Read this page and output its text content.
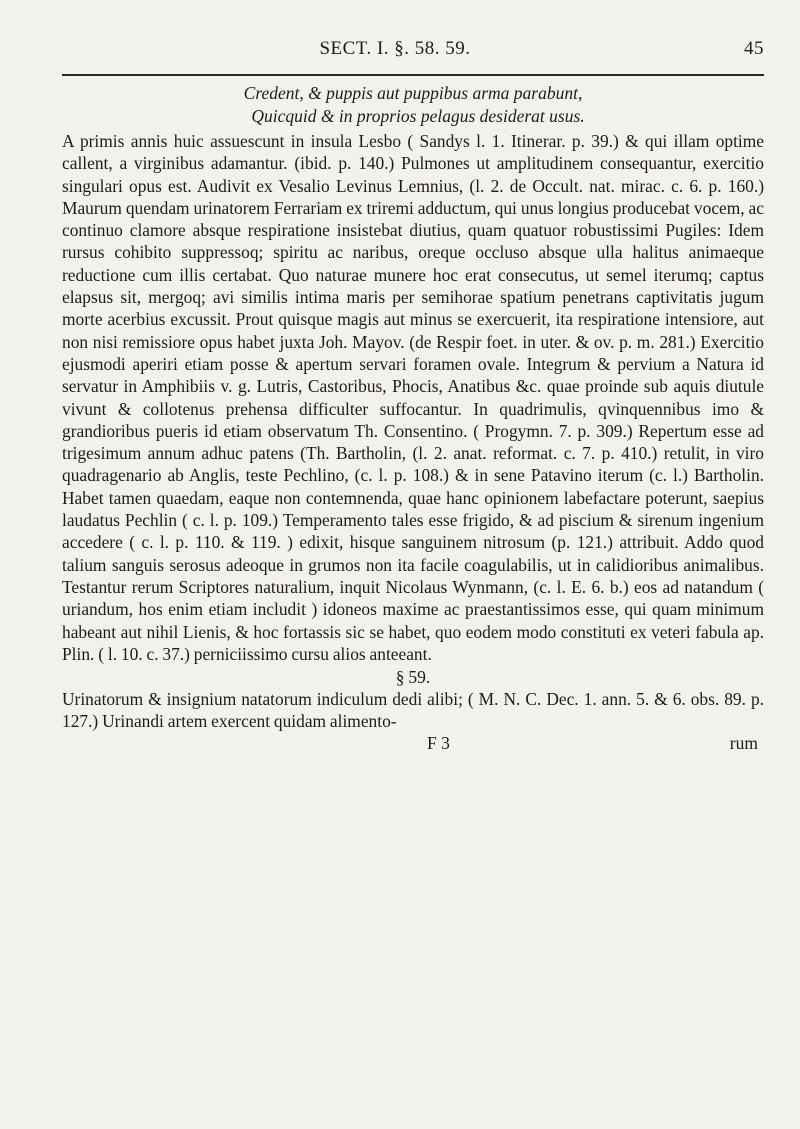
SECT. I. §. 58. 59.	45
Credent, & puppis aut puppibus arma parabunt,
Quicquid & in proprios pelagus desiderat usus.

A primis annis huic assuescunt in insula Lesbo ( Sandys l. 1. Itinerar. p. 39.) & qui illam optime callent, a virginibus adamantur. (ibid. p. 140.) Pulmones ut amplitudinem consequantur, exercitio singulari opus est. Audivit ex Vesalio Levinus Lemnius, (l. 2. de Occult. nat. mirac. c. 6. p. 160.) Maurum quendam urinatorem Ferrariam ex triremi adductum, qui unus longius producebat vocem, ac continuo clamore absque respiratione insistebat diutius, quam quatuor robustissimi Pugiles: Idem rursus cohibito suppressoq; spiritu ac naribus, oreque occluso absque ulla halitus animaeque reductione cum illis certabat. Quo naturae munere hoc erat consecutus, ut semel iterumq; captus elapsus sit, mergoq; avi similis intima maris per semihorae spatium penetrans captivitatis jugum morte acerbius excussit. Prout quisque magis aut minus se exercuerit, ita respiratione intensiore, aut non nisi remissiore opus habet juxta Joh. Mayov. (de Respir foet. in uter. & ov. p. m. 281.) Exercitio ejusmodi aperiri etiam posse & apertum servari foramen ovale. Integrum & pervium a Natura id servatur in Amphibiis v. g. Lutris, Castoribus, Phocis, Anatibus &c. quae proinde sub aquis diutule vivunt & collotenus prehensa difficulter suffocantur. In quadrimulis, qvinquennibus imo & grandioribus pueris id etiam observatum Th. Consentino. ( Progymn. 7. p. 309.) Repertum esse ad trigesimum annum adhuc patens (Th. Bartholin, (l. 2. anat. reformat. c. 7. p. 410.) retulit, in viro quadragenario ab Anglis, teste Pechlino, (c. l. p. 108.) & in sene Patavino iterum (c. l.) Bartholin. Habet tamen quaedam, eaque non contemnenda, quae hanc opinionem labefactare poterunt, saepius laudatus Pechlin ( c. l. p. 109.) Temperamento tales esse frigido, & ad piscium & sirenum ingenium accedere ( c. l. p. 110. & 119. ) edixit, hisque sanguinem nitrosum (p. 121.) attribuit. Addo quod talium sanguis serosus adeoque in grumos non ita facile coagulabilis, ut in calidioribus animalibus. Testantur rerum Scriptores naturalium, inquit Nicolaus Wynmann, (c. l. E. 6. b.) eos ad natandum ( uriandum, hos enim etiam includit ) idoneos maxime ac praestantissimos esse, qui quam minimum habeant aut nihil Lienis, & hoc fortassis sic se habet, quo eodem modo constituti ex veteri fabula ap. Plin. ( l. 10. c. 37.) perniciissimo cursu alios anteeant.

§ 59.

Urinatorum & insignium natatorum indiculum dedi alibi; ( M. N. C. Dec. 1. ann. 5. & 6. obs. 89. p. 127.) Urinandi artem exercent quidam alimento-

F 3	rum
